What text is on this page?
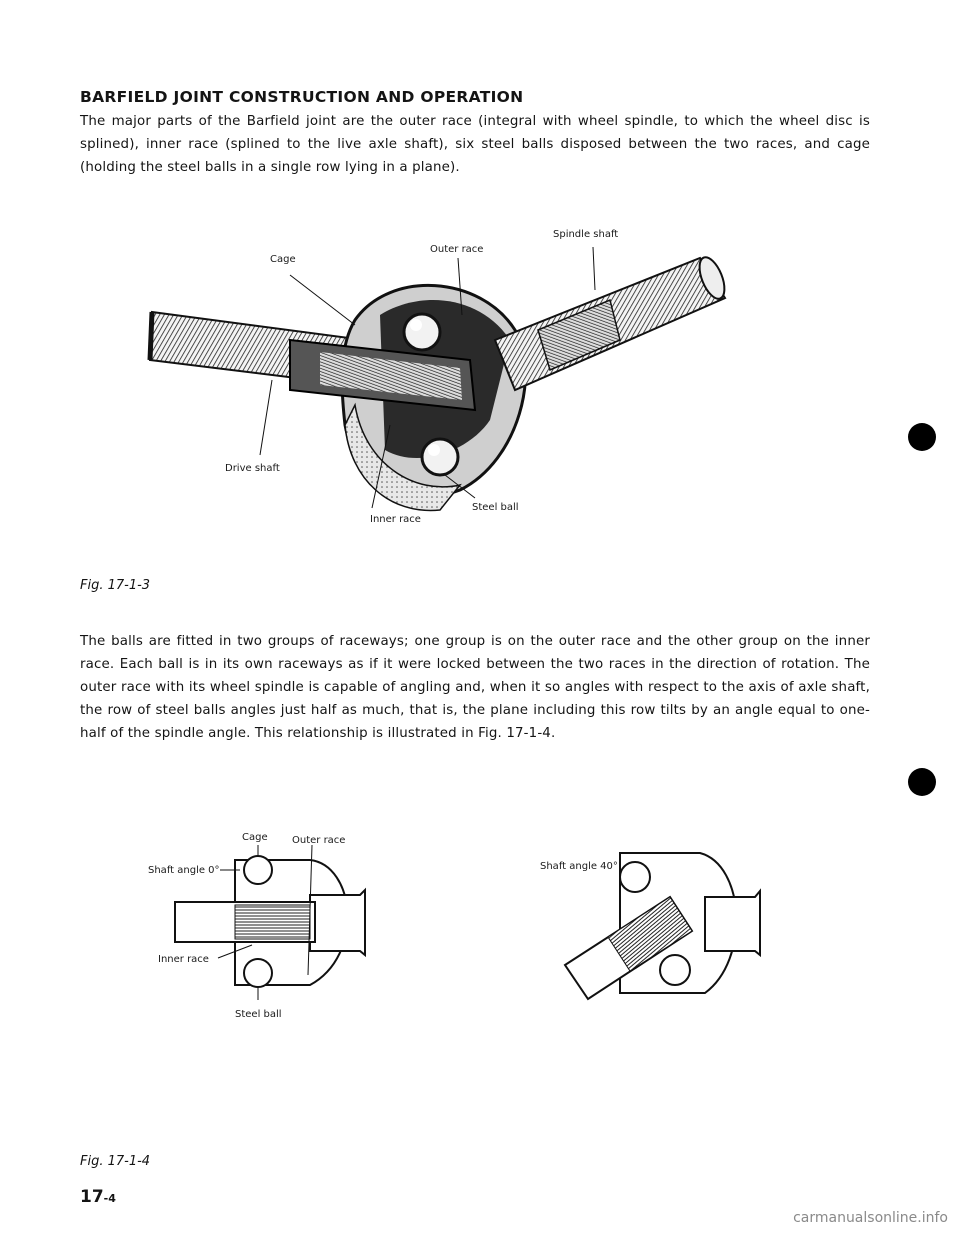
BARFIELD JOINT CONSTRUCTION AND OPERATION

The major parts of the Barfield joint are the outer race (integral with wheel spindle, to which the wheel disc is splined), inner race (splined to the live axle shaft), six steel balls disposed between the two races, and cage (holding the steel balls in a single row lying in a plane).

Spindle shaft
Outer race
Cage
Drive shaft
Steel ball
Inner race

Fig. 17-1-3

The balls are fitted in two groups of raceways; one group is on the outer race and the other group on the inner race. Each ball is in its own raceways as if it were locked between the two races in the direction of rotation. The outer race with its wheel spindle is capable of angling and, when it so angles with respect to the axis of axle shaft, the row of steel balls angles just half as much, that is, the plane including this row tilts by an angle equal to one-half of the spindle angle. This relationship is illustrated in Fig. 17-1-4.

Cage Outer race
Shaft angle 0°
Inner race
Steel ball
Shaft angle 40°

Fig. 17-1-4

17-4

carmanualsonline.info
